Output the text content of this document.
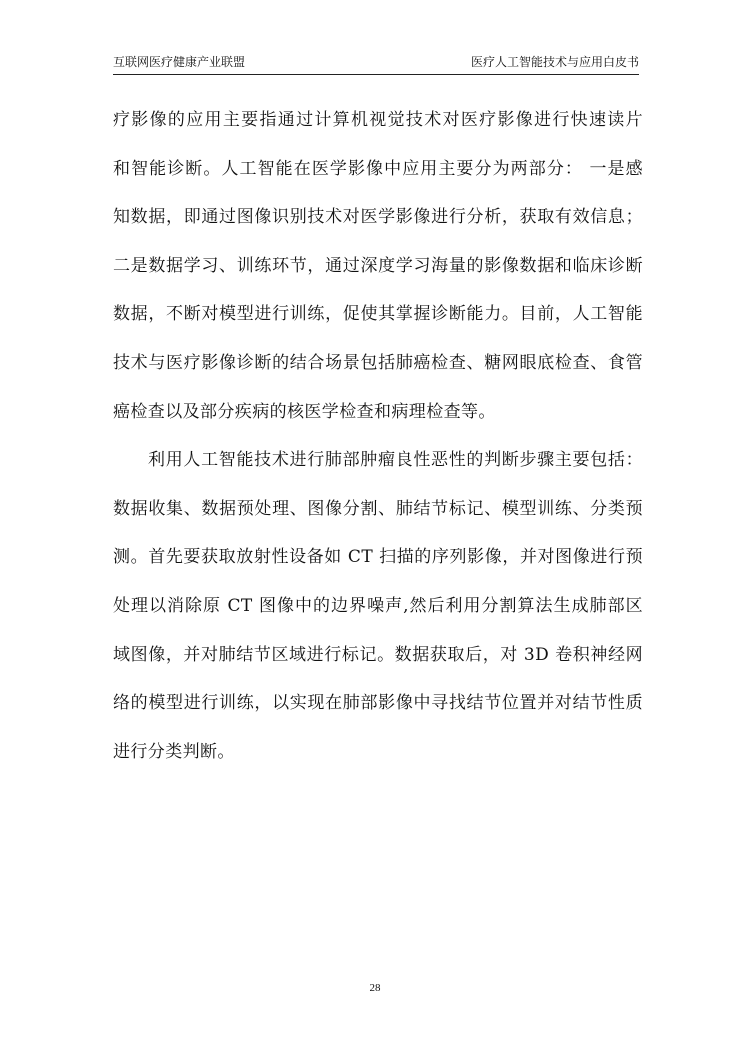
互联网医疗健康产业联盟	医疗人工智能技术与应用白皮书
疗影像的应用主要指通过计算机视觉技术对医疗影像进行快速读片
和智能诊断。人工智能在医学影像中应用主要分为两部分： 一是感
知数据，即通过图像识别技术对医学影像进行分析，获取有效信息；
二是数据学习、训练环节，通过深度学习海量的影像数据和临床诊断
数据，不断对模型进行训练，促使其掌握诊断能力。目前，人工智能
技术与医疗影像诊断的结合场景包括肺癌检查、糖网眼底检查、食管
癌检查以及部分疾病的核医学检查和病理检查等。
利用人工智能技术进行肺部肿瘤良性恶性的判断步骤主要包括：
数据收集、数据预处理、图像分割、肺结节标记、模型训练、分类预
测。首先要获取放射性设备如 CT 扫描的序列影像，并对图像进行预
处理以消除原 CT 图像中的边界噪声,然后利用分割算法生成肺部区
域图像，并对肺结节区域进行标记。数据获取后，对 3D 卷积神经网
络的模型进行训练，以实现在肺部影像中寻找结节位置并对结节性质
进行分类判断。
28
